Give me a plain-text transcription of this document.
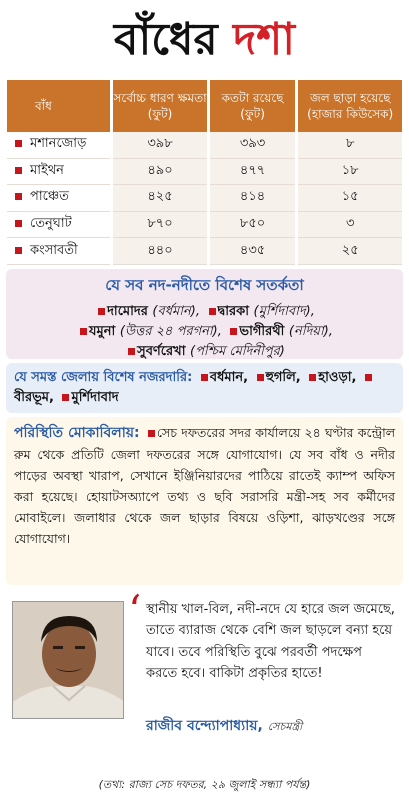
বাঁধের দশা
বাঁধ	সর্বোচ্চ ধারণ ক্ষমতা (ফুট)	কতটা রয়েছে (ফুট)	জল ছাড়া হয়েছে (হাজার কিউসেক)
মশানজোড়	৩৯৮	৩৯৩	৮
মাইথন	৪৯০	৪৭৭	১৮
পাঞ্চেত	৪২৫	৪১৪	১৫
তেনুঘাট	৮৭০	৮৫০	৩
কংসাবতী	৪৪০	৪৩৫	২৫
যে সব নদ-নদীতে বিশেষ সতর্কতা
দামোদর (বর্ধমান), দ্বারকা (মুর্শিদাবাদ),
যমুনা (উত্তর ২৪ পরগনা), ভাগীরথী (নদিয়া),
সুবর্ণরেখা (পশ্চিম মেদিনীপুর)

যে সমস্ত জেলায় বিশেষ নজরদারি: বর্ধমান, হুগলি, হাওড়া, বীরভূম, মুর্শিদাবাদ

পরিস্থিতি মোকাবিলায়: সেচ দফতরের সদর কার্যালয়ে ২৪ ঘণ্টার কন্ট্রোল রুম থেকে প্রতিটি জেলা দফতরের সঙ্গে যোগাযোগ। যে সব বাঁধ ও নদীর পাড়ের অবস্থা খারাপ, সেখানে ইঞ্জিনিয়ারদের পাঠিয়ে রাতেই ক্যাম্প অফিস করা হয়েছে। হোয়াটসঅ্যাপে তথ্য ও ছবি সরাসরি মন্ত্রী-সহ সব কর্মীদের মোবাইলে। জলাধার থেকে জল ছাড়ার বিষয়ে ওড়িশা, ঝাড়খণ্ডের সঙ্গে যোগাযোগ।

‘ স্থানীয় খাল-বিল, নদী-নদে যে হারে জল জমেছে, তাতে ব্যারাজ থেকে বেশি জল ছাড়লে বন্যা হয়ে যাবে। তবে পরিস্থিতি বুঝে পরবর্তী পদক্ষেপ করতে হবে। বাকিটা প্রকৃতির হাতে!
রাজীব বন্দ্যোপাধ্যায়, সেচমন্ত্রী
(তথ্য: রাজ্য সেচ দফতর, ২৯ জুলাই সন্ধ্যা পর্যন্ত)
